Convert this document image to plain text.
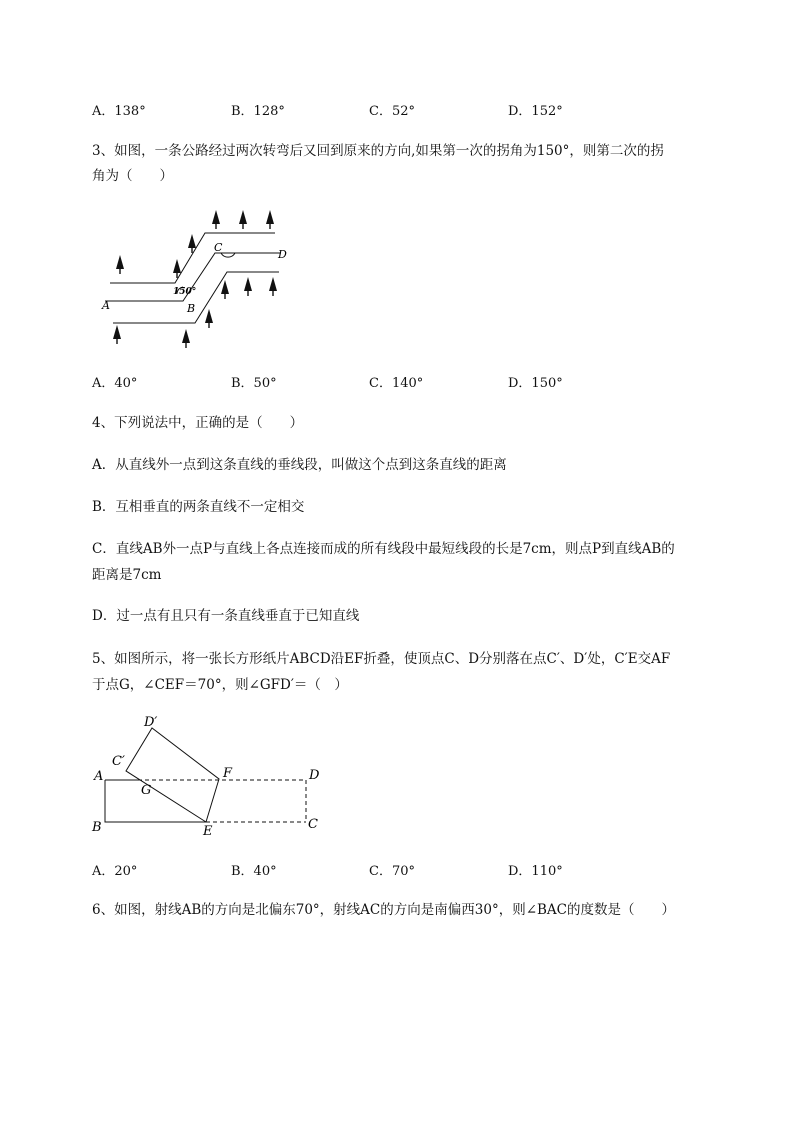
A．138°	B．128°	C．52°	D．152°
3、如图，一条公路经过两次转弯后又回到原来的方向,如果第一次的拐角为150°，则第二次的拐
角为（　　）
A	B
C
D
150°
A．40°	B．50°	C．140°	D．150°
4、下列说法中，正确的是（　　）
A．从直线外一点到这条直线的垂线段，叫做这个点到这条直线的距离
B．互相垂直的两条直线不一定相交
C．直线AB外一点P与直线上各点连接而成的所有线段中最短线段的长是7cm，则点P到直线AB的
距离是7cm
D．过一点有且只有一条直线垂直于已知直线
5、如图所示，将一张长方形纸片ABCD沿EF折叠，使顶点C、D分别落在点C′、D′处，C′E交AF
于点G，∠CEF＝70°，则∠GFD′＝（　）
D′
C′
A
G
F	D
B	E	C
A．20°	B．40°	C．70°	D．110°
6、如图，射线AB的方向是北偏东70°，射线AC的方向是南偏西30°，则∠BAC的度数是（　　）
